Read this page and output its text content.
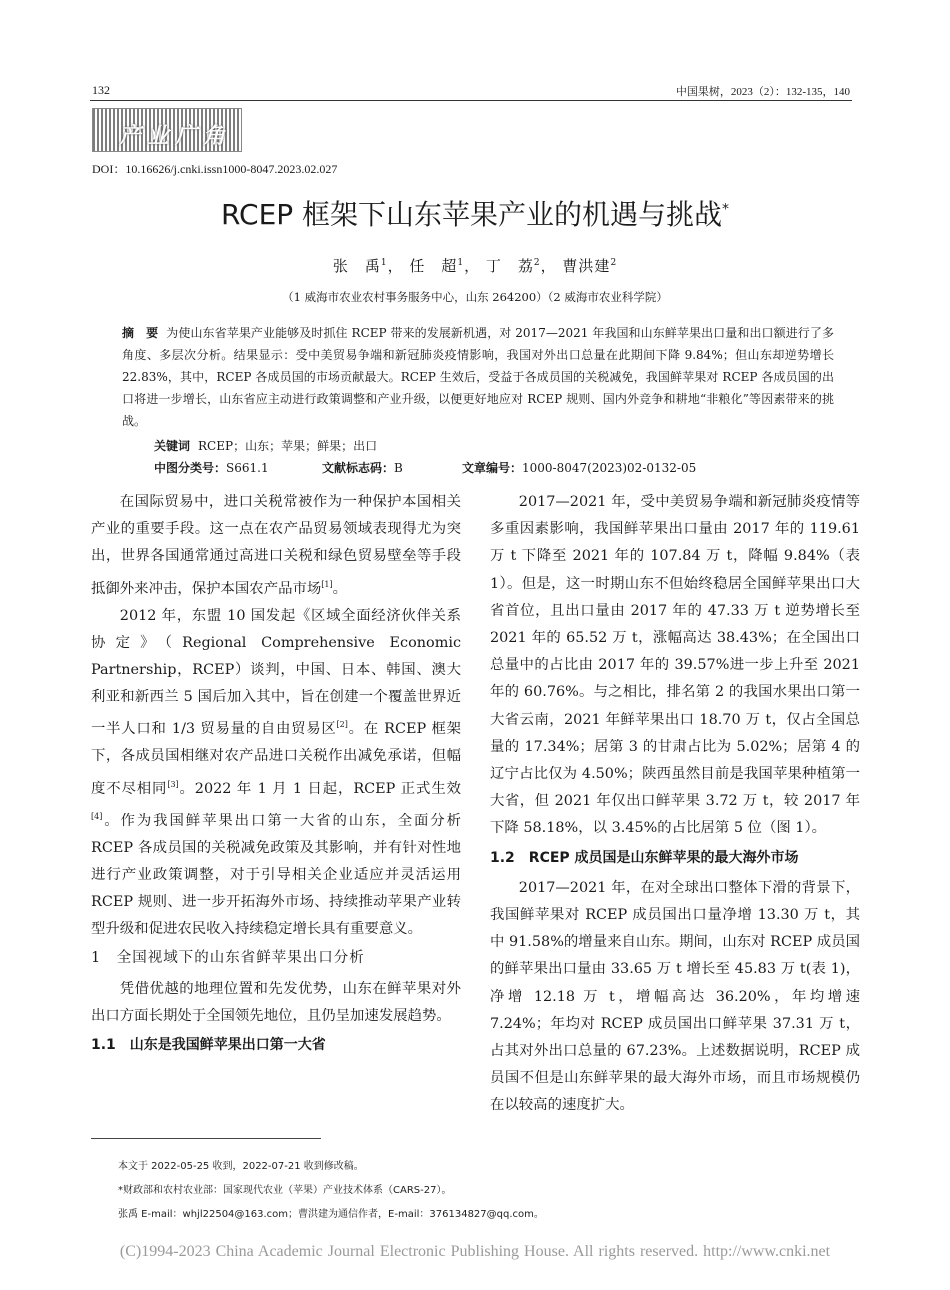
132	中国果树，2023（2）：132-135，140
产业广角
DOI：10.16626/j.cnki.issn1000-8047.2023.02.027
RCEP 框架下山东苹果产业的机遇与挑战*
张　禹$^1$， 任　超$^1$， 丁　荔$^2$， 曹洪建$^2$
（1 威海市农业农村事务服务中心，山东 264200）（2 威海市农业科学院）
摘　要 为使山东省苹果产业能够及时抓住 RCEP 带来的发展新机遇，对 2017—2021 年我国和山东鲜苹果出口量和出口额进行了多角度、多层次分析。结果显示：受中美贸易争端和新冠肺炎疫情影响，我国对外出口总量在此期间下降 9.84%；但山东却逆势增长 22.83%，其中，RCEP 各成员国的市场贡献最大。RCEP 生效后，受益于各成员国的关税减免，我国鲜苹果对 RCEP 各成员国的出口将进一步增长，山东省应主动进行政策调整和产业升级，以便更好地应对 RCEP 规则、国内外竞争和耕地“非粮化”等因素带来的挑战。
关键词 RCEP；山东；苹果；鲜果；出口
中图分类号：S661.1	文献标志码：B	文章编号：1000-8047(2023)02-0132-05

在国际贸易中，进口关税常被作为一种保护本国相关产业的重要手段。这一点在农产品贸易领域表现得尤为突出，世界各国通常通过高进口关税和绿色贸易壁垒等手段抵御外来冲击，保护本国农产品市场[1]。

2012 年，东盟 10 国发起《区域全面经济伙伴关系协定》（Regional Comprehensive Economic Partnership，RCEP）谈判，中国、日本、韩国、澳大利亚和新西兰 5 国后加入其中，旨在创建一个覆盖世界近一半人口和 1/3 贸易量的自由贸易区[2]。在 RCEP 框架下，各成员国相继对农产品进口关税作出减免承诺，但幅度不尽相同[3]。2022 年 1 月 1 日起，RCEP 正式生效[4]。作为我国鲜苹果出口第一大省的山东，全面分析 RCEP 各成员国的关税减免政策及其影响，并有针对性地进行产业政策调整，对于引导相关企业适应并灵活运用 RCEP 规则、进一步开拓海外市场、持续推动苹果产业转型升级和促进农民收入持续稳定增长具有重要意义。

1　全国视域下的山东省鲜苹果出口分析

凭借优越的地理位置和先发优势，山东在鲜苹果对外出口方面长期处于全国领先地位，且仍呈加速发展趋势。

1.1　山东是我国鲜苹果出口第一大省

2017—2021 年，受中美贸易争端和新冠肺炎疫情等多重因素影响，我国鲜苹果出口量由 2017 年的 119.61 万 t 下降至 2021 年的 107.84 万 t，降幅 9.84%（表 1）。但是，这一时期山东不但始终稳居全国鲜苹果出口大省首位，且出口量由 2017 年的 47.33 万 t 逆势增长至 2021 年的 65.52 万 t，涨幅高达 38.43%；在全国出口总量中的占比由 2017 年的 39.57%进一步上升至 2021 年的 60.76%。与之相比，排名第 2 的我国水果出口第一大省云南，2021 年鲜苹果出口 18.70 万 t，仅占全国总量的 17.34%；居第 3 的甘肃占比为 5.02%；居第 4 的辽宁占比仅为 4.50%；陕西虽然目前是我国苹果种植第一大省，但 2021 年仅出口鲜苹果 3.72 万 t，较 2017 年下降 58.18%，以 3.45%的占比居第 5 位（图 1）。

1.2　RCEP 成员国是山东鲜苹果的最大海外市场

2017—2021 年，在对全球出口整体下滑的背景下，我国鲜苹果对 RCEP 成员国出口量净增 13.30 万 t，其中 91.58%的增量来自山东。期间，山东对 RCEP 成员国的鲜苹果出口量由 33.65 万 t 增长至 45.83 万 t(表 1)，净增 12.18 万 t，增幅高达 36.20%，年均增速 7.24%；年均对 RCEP 成员国出口鲜苹果 37.31 万 t，占其对外出口总量的 67.23%。上述数据说明，RCEP 成员国不但是山东鲜苹果的最大海外市场，而且市场规模仍在以较高的速度扩大。

本文于 2022-05-25 收到，2022-07-21 收到修改稿。
*财政部和农村农业部：国家现代农业（苹果）产业技术体系（CARS-27）。
张禹 E-mail：whjl22504@163.com；曹洪建为通信作者，E-mail：376134827@qq.com。
(C)1994-2023 China Academic Journal Electronic Publishing House. All rights reserved. http://www.cnki.net
